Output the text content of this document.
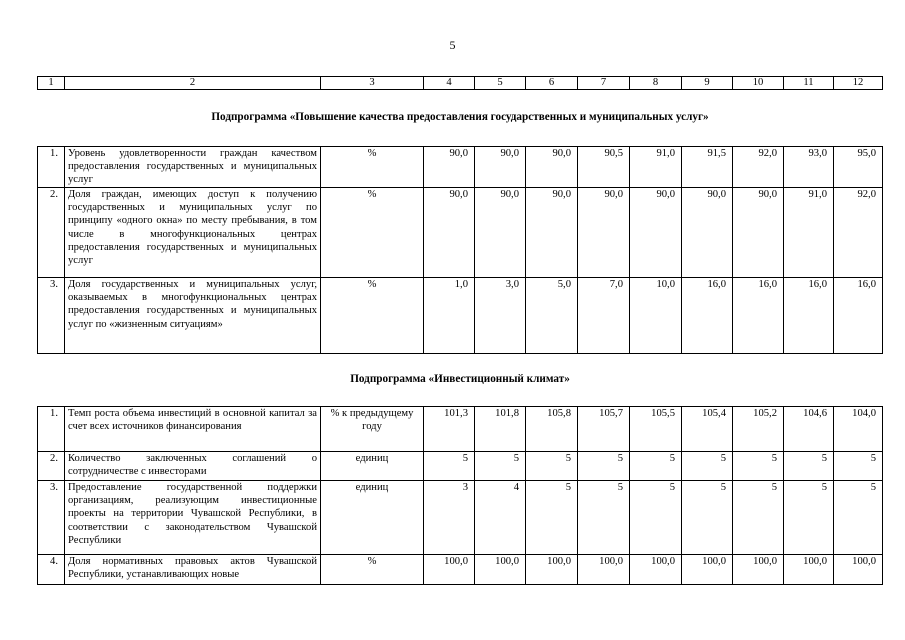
5
1	2	3	4	5	6	7	8	9	10	11	12
Подпрограмма «Повышение качества предоставления государственных и муниципальных услуг»											
1.	Уровень удовлетворенности граждан качеством предоставления государственных и муниципальных услуг	%	90,0	90,0	90,0	90,5	91,0	91,5	92,0	93,0	95,0
2.	Доля граждан, имеющих доступ к получению государственных и муниципальных услуг по принципу «одного окна» по месту пребывания, в том числе в многофункциональных центрах предоставления государственных и муниципальных услуг	%	90,0	90,0	90,0	90,0	90,0	90,0	90,0	91,0	92,0
3.	Доля государственных и муниципальных услуг, оказываемых в многофункциональных центрах предоставления государственных и муниципальных услуг по «жизненным ситуациям»	%	1,0	3,0	5,0	7,0	10,0	16,0	16,0	16,0	16,0
Подпрограмма «Инвестиционный климат»											
1.	Темп роста объема инвестиций в основной капитал за счет всех источников финансирования	% к предыдущему году	101,3	101,8	105,8	105,7	105,5	105,4	105,2	104,6	104,0
2.	Количество заключенных соглашений о сотрудничестве с инвесторами	единиц	5	5	5	5	5	5	5	5	5
3.	Предоставление государственной поддержки организациям, реализующим инвестиционные проекты на территории Чувашской Республики, в соответствии с законодательством Чувашской Республики	единиц	3	4	5	5	5	5	5	5	5
4.	Доля нормативных правовых актов Чувашской Республики, устанавливающих новые	%	100,0	100,0	100,0	100,0	100,0	100,0	100,0	100,0	100,0
